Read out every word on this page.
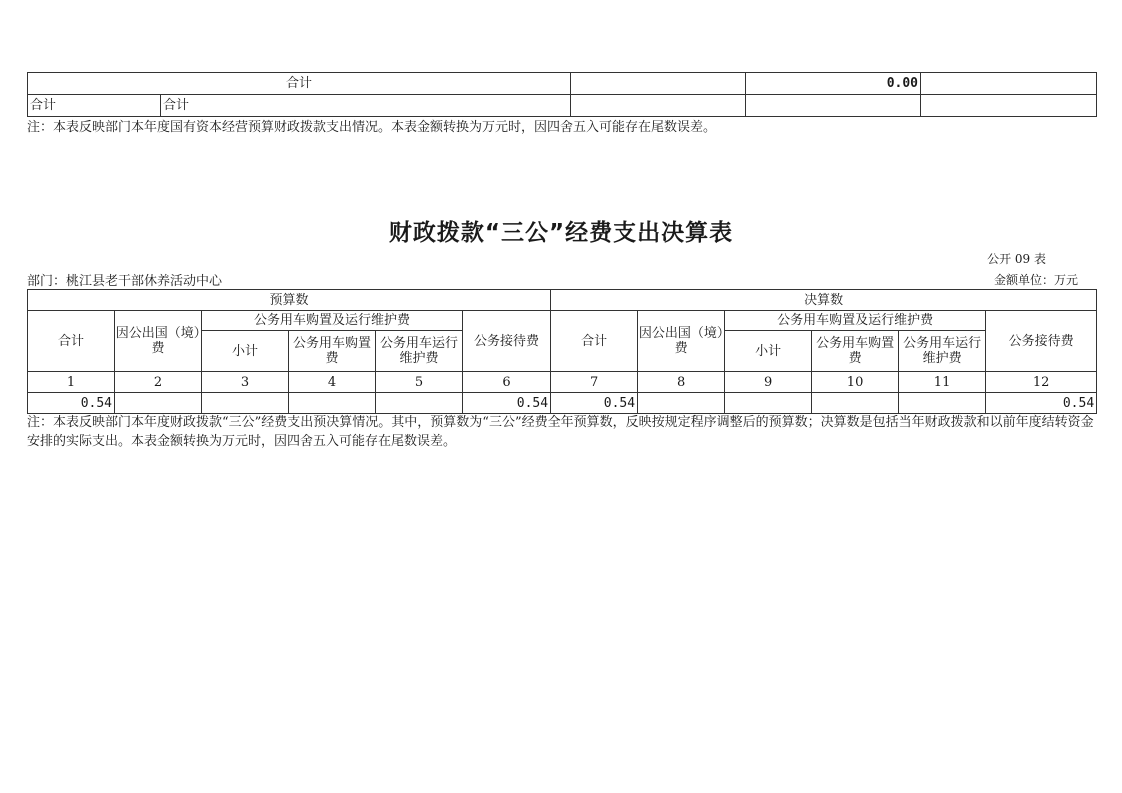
合计			0.00	
合计	合计			
注：本表反映部门本年度国有资本经营预算财政拨款支出情况。本表金额转换为万元时，因四舍五入可能存在尾数误差。
财政拨款“三公”经费支出决算表
公开 09 表
部门：桃江县老干部休养活动中心	金额单位：万元
预算数						决算数					
合计	因公出国（境）费	公务用车购置及运行维护费			公务接待费	合计	因公出国（境）费	公务用车购置及运行维护费			公务接待费
		小计	公务用车购置费	公务用车运行维护费				小计	公务用车购置费	公务用车运行维护费	
1	2	3	4	5	6	7	8	9	10	11	12
0.54					0.54	0.54					0.54
注：本表反映部门本年度财政拨款“三公”经费支出预决算情况。其中，预算数为“三公”经费全年预算数，反映按规定程序调整后的预算数；决算数是包括当年财政拨款和以前年度结转资金安排的实际支出。本表金额转换为万元时，因四舍五入可能存在尾数误差。
